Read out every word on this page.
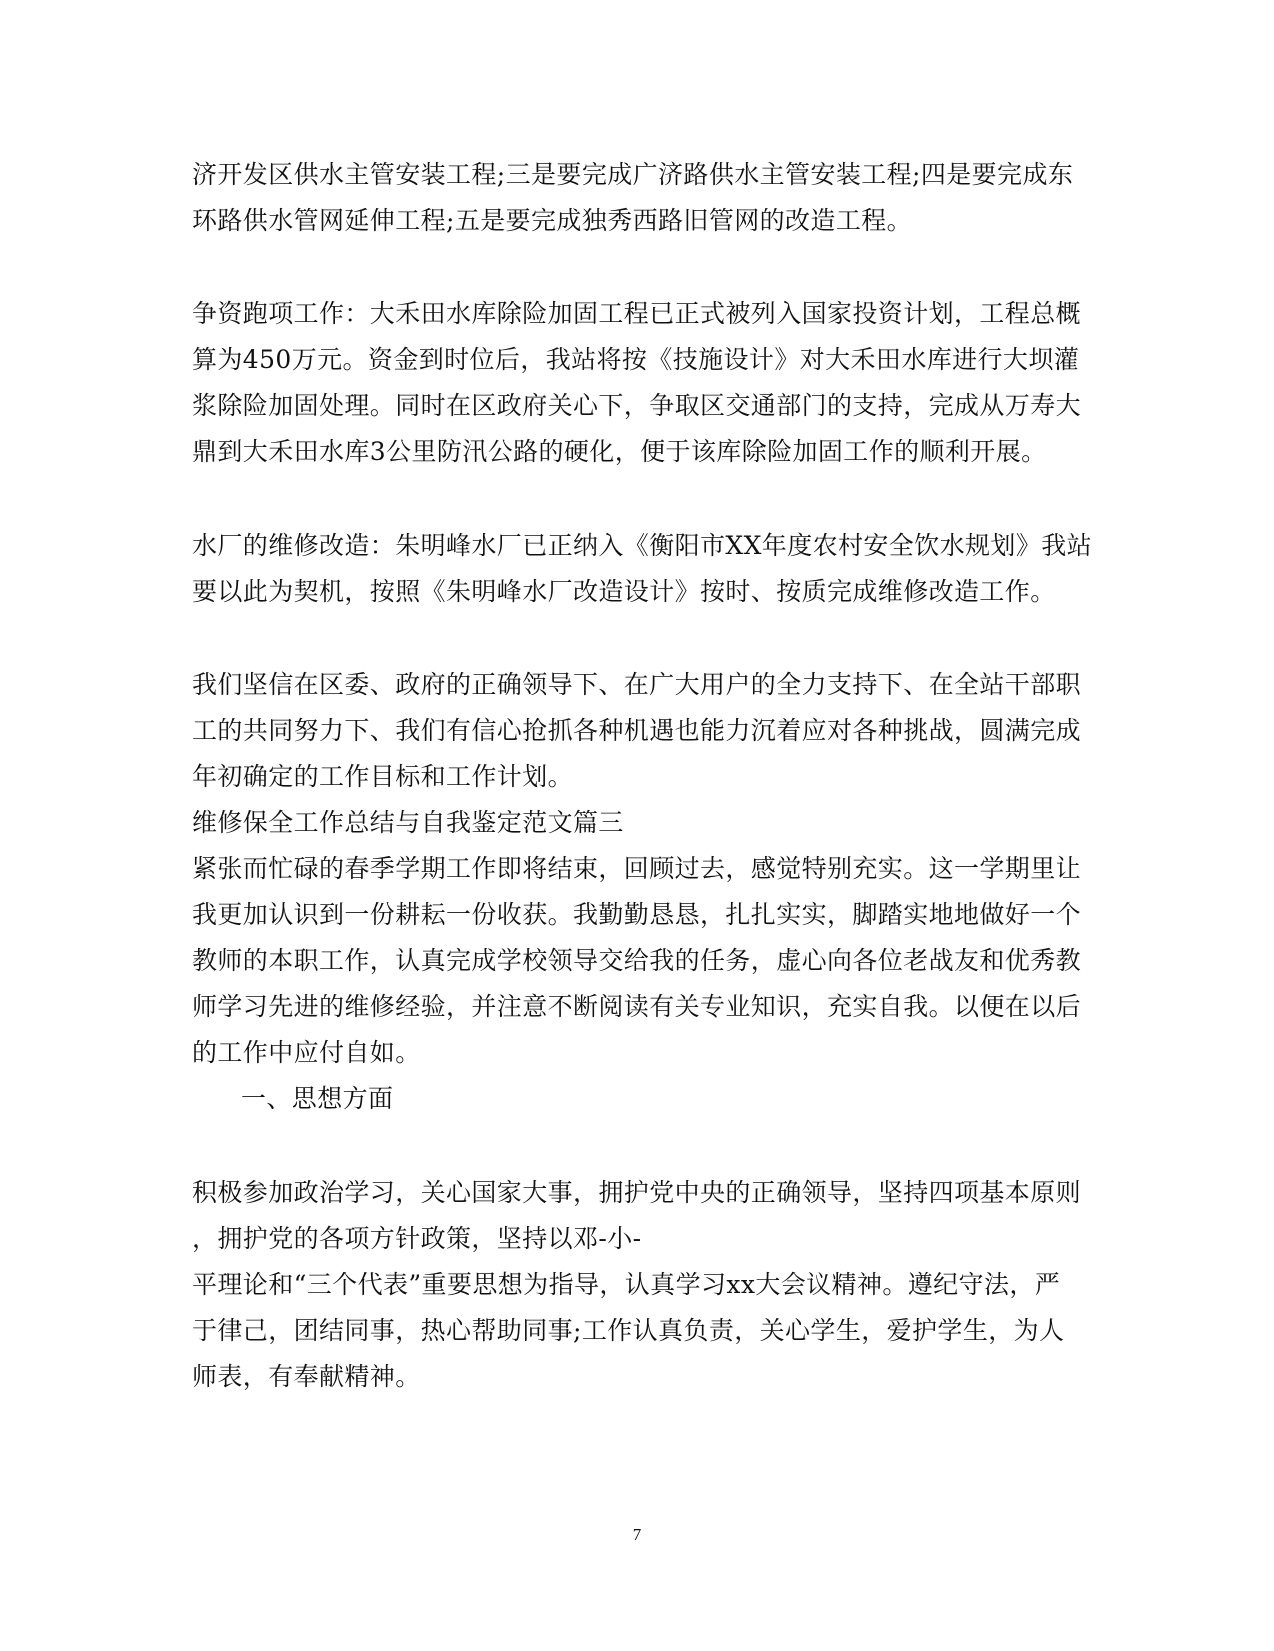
济开发区供水主管安装工程;三是要完成广济路供水主管安装工程;四是要完成东
环路供水管网延伸工程;五是要完成独秀西路旧管网的改造工程。
争资跑项工作：大禾田水库除险加固工程已正式被列入国家投资计划，工程总概
算为450万元。资金到时位后，我站将按《技施设计》对大禾田水库进行大坝灌
浆除险加固处理。同时在区政府关心下，争取区交通部门的支持，完成从万寿大
鼎到大禾田水库3公里防汛公路的硬化，便于该库除险加固工作的顺利开展。
水厂的维修改造：朱明峰水厂已正纳入《衡阳市XX年度农村安全饮水规划》我站
要以此为契机，按照《朱明峰水厂改造设计》按时、按质完成维修改造工作。
我们坚信在区委、政府的正确领导下、在广大用户的全力支持下、在全站干部职
工的共同努力下、我们有信心抢抓各种机遇也能力沉着应对各种挑战，圆满完成
年初确定的工作目标和工作计划。
维修保全工作总结与自我鉴定范文篇三
紧张而忙碌的春季学期工作即将结束，回顾过去，感觉特别充实。这一学期里让
我更加认识到一份耕耘一份收获。我勤勤恳恳，扎扎实实，脚踏实地地做好一个
教师的本职工作，认真完成学校领导交给我的任务，虚心向各位老战友和优秀教
师学习先进的维修经验，并注意不断阅读有关专业知识，充实自我。以便在以后
的工作中应付自如。
一、思想方面
积极参加政治学习，关心国家大事，拥护党中央的正确领导，坚持四项基本原则
，拥护党的各项方针政策，坚持以邓-小-
平理论和“三个代表”重要思想为指导，认真学习xx大会议精神。遵纪守法，严
于律己，团结同事，热心帮助同事;工作认真负责，关心学生，爱护学生，为人
师表，有奉献精神。
7
